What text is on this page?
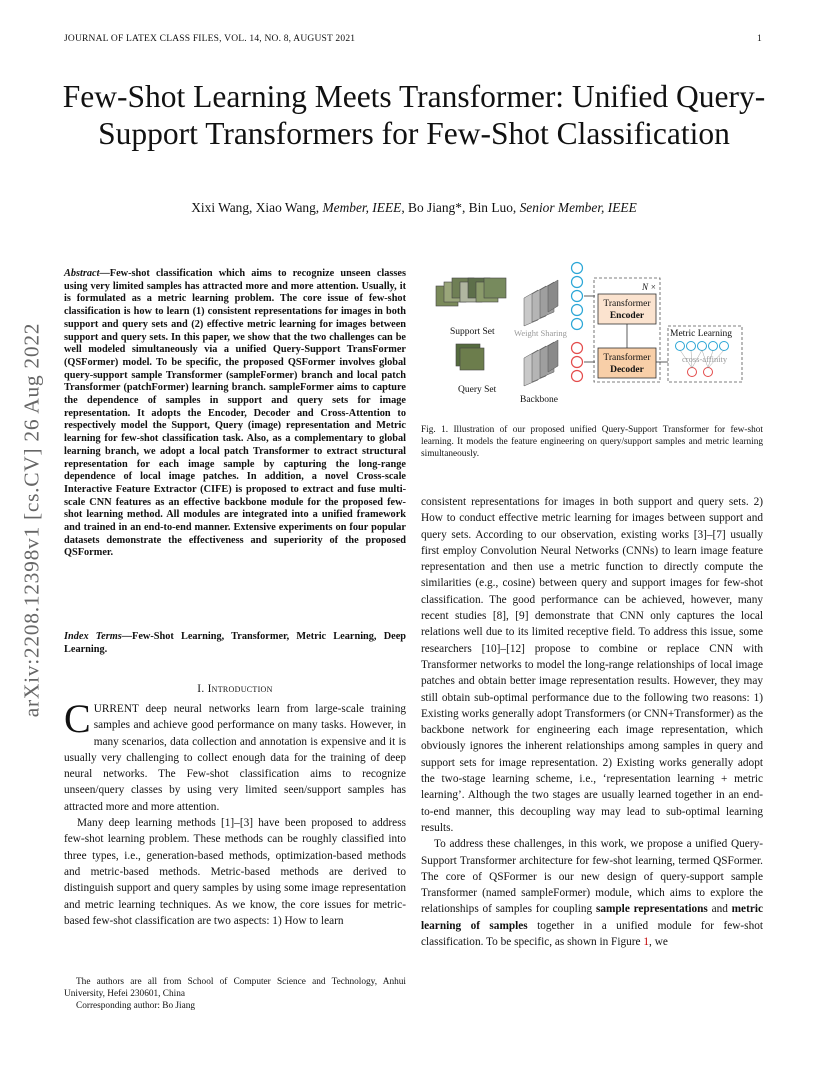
JOURNAL OF LATEX CLASS FILES, VOL. 14, NO. 8, AUGUST 2021	1
Few-Shot Learning Meets Transformer: Unified Query-Support Transformers for Few-Shot Classification
Xixi Wang, Xiao Wang, Member, IEEE, Bo Jiang*, Bin Luo, Senior Member, IEEE
arXiv:2208.12398v1 [cs.CV] 26 Aug 2022
Abstract—Few-shot classification which aims to recognize unseen classes using very limited samples has attracted more and more attention. Usually, it is formulated as a metric learning problem. The core issue of few-shot classification is how to learn (1) consistent representations for images in both support and query sets and (2) effective metric learning for images between support and query sets. In this paper, we show that the two challenges can be well modeled simultaneously via a unified Query-Support TransFormer (QSFormer) model. To be specific, the proposed QSFormer involves global query-support sample Transformer (sampleFormer) branch and local patch Transformer (patchFormer) learning branch. sampleFormer aims to capture the dependence of samples in support and query sets for image representation. It adopts the Encoder, Decoder and Cross-Attention to respectively model the Support, Query (image) representation and Metric learning for few-shot classification task. Also, as a complementary to global learning branch, we adopt a local patch Transformer to extract structural representation for each image sample by capturing the long-range dependence of local image patches. In addition, a novel Cross-scale Interactive Feature Extractor (CIFE) is proposed to extract and fuse multi-scale CNN features as an effective backbone module for the proposed few-shot learning method. All modules are integrated into a unified framework and trained in an end-to-end manner. Extensive experiments on four popular datasets demonstrate the effectiveness and superiority of the proposed QSFormer.
Index Terms—Few-Shot Learning, Transformer, Metric Learning, Deep Learning.
I. Introduction

CURRENT deep neural networks learn from large-scale training samples and achieve good performance on many tasks. However, in many scenarios, data collection and annotation is expensive and it is usually very challenging to collect enough data for the training of deep neural networks. The Few-shot classification aims to recognize unseen/query classes by using very limited seen/support samples has attracted more and more attention.

Many deep learning methods [1]–[3] have been proposed to address few-shot learning problem. These methods can be roughly classified into three types, i.e., generation-based methods, optimization-based methods and metric-based methods. Metric-based methods are derived to distinguish support and query samples by using some image representation and metric learning techniques. As we know, the core issues for metric-based few-shot classification are two aspects: 1) How to learn

The authors are all from School of Computer Science and Technology, Anhui University, Hefei 230601, China

Corresponding author: Bo Jiang

Support Set
Query Set
Weight Sharing
Backbone
N ×
Transformer
Encoder
Transformer
Decoder
Metric Learning
cross-affinity
Fig. 1. Illustration of our proposed unified Query-Support Transformer for few-shot learning. It models the feature engineering on query/support samples and metric learning simultaneously.

consistent representations for images in both support and query sets. 2) How to conduct effective metric learning for images between support and query sets. According to our observation, existing works [3]–[7] usually first employ Convolution Neural Networks (CNNs) to learn image feature representation and then use a metric function to directly compute the similarities (e.g., cosine) between query and support images for few-shot classification. The good performance can be achieved, however, many recent studies [8], [9] demonstrate that CNN only captures the local relations well due to its limited receptive field. To address this issue, some researchers [10]–[12] propose to combine or replace CNN with Transformer networks to model the long-range relationships of local image patches and obtain better image representation results. However, they may still obtain sub-optimal performance due to the following two reasons: 1) Existing works generally adopt Transformers (or CNN+Transformer) as the backbone network for engineering each image representation, which obviously ignores the inherent relationships among samples in query and support sets for image representation. 2) Existing works generally adopt the two-stage learning scheme, i.e., ‘representation learning + metric learning’. Although the two stages are usually learned together in an end-to-end manner, this decoupling way may lead to sub-optimal learning results.

To address these challenges, in this work, we propose a unified Query-Support Transformer architecture for few-shot learning, termed QSFormer. The core of QSFormer is our new design of query-support sample Transformer (named sampleFormer) module, which aims to explore the relationships of samples for coupling sample representations and metric learning of samples together in a unified module for few-shot classification. To be specific, as shown in Figure 1, we
